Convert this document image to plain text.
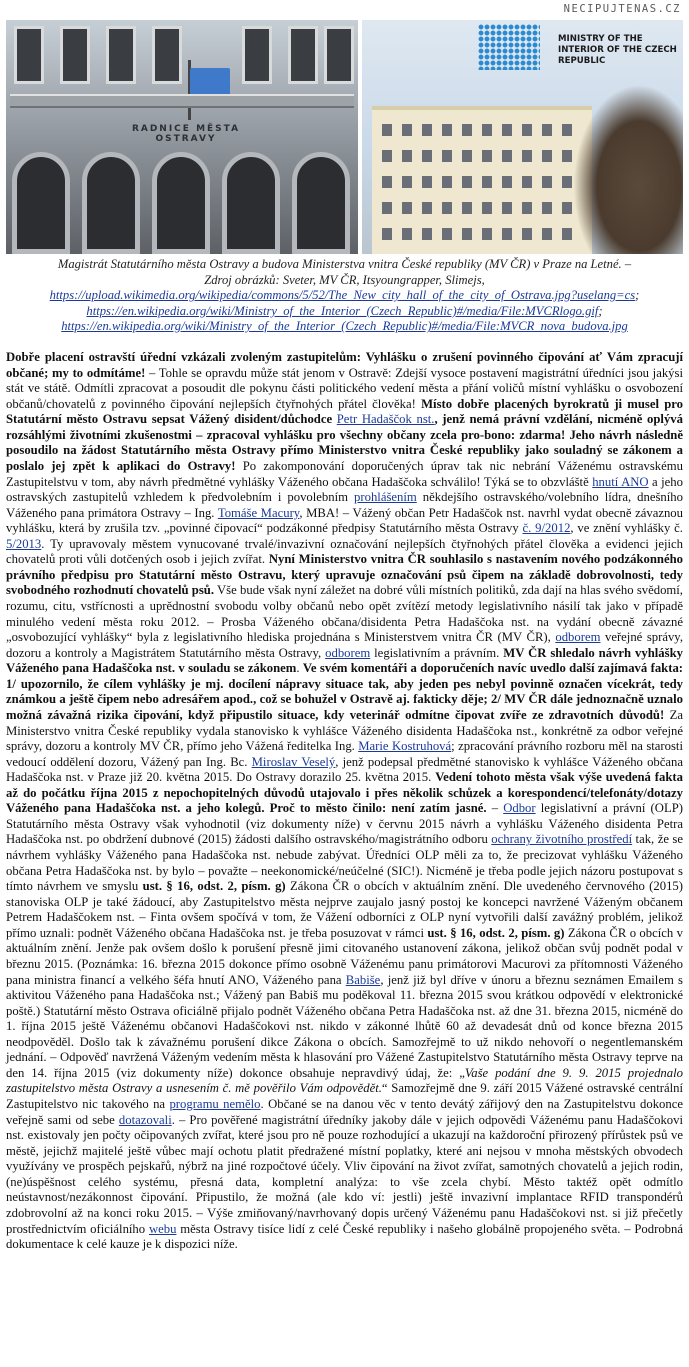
NECIPUJTENAS.CZ
RADNICE MĚSTA OSTRAVY
MINISTRY OF THE INTERIOR OF THE CZECH REPUBLIC
Magistrát Statutárního města Ostravy a budova Ministerstva vnitra České republiky (MV ČR) v Praze na Letné. –
Zdroj obrázků: Sveter, MV ČR, Itsyoungrapper, Slimejs,
https://upload.wikimedia.org/wikipedia/commons/5/52/The_New_city_hall_of_the_city_of_Ostrava.jpg?uselang=cs;
https://en.wikipedia.org/wiki/Ministry_of_the_Interior_(Czech_Republic)#/media/File:MVCRlogo.gif;
https://en.wikipedia.org/wiki/Ministry_of_the_Interior_(Czech_Republic)#/media/File:MVCR_nova_budova.jpg
Dobře placení ostravští úřední vzkázali zvoleným zastupitelům: Vyhlášku o zrušení povinného čipování ať Vám zpracují občané; my to odmítáme! – Tohle se opravdu může stát jenom v Ostravě: Zdejší vysoce postavení magistrátní úředníci jsou jakýsi stát ve státě. Odmítli zpracovat a posoudit dle pokynu části politického vedení města a přání voličů místní vyhlášku o osvobození občanů/chovatelů z povinného čipování nejlepších čtyřnohých přátel člověka! Místo dobře placených byrokratů ji musel pro Statutární město Ostravu sepsat Vážený disident/důchodce Petr Hadaščok nst., jenž nemá právní vzdělání, nicméně oplývá rozsáhlými životními zkušenostmi – zpracoval vyhlášku pro všechny občany zcela pro-bono: zdarma! Jeho návrh následně posoudilo na žádost Statutárního města Ostravy přímo Ministerstvo vnitra České republiky jako souladný se zákonem a poslalo jej zpět k aplikaci do Ostravy! Po zakomponování doporučených úprav tak nic nebrání Váženému ostravskému Zastupitelstvu v tom, aby návrh předmětné vyhlášky Váženého občana Hadaščoka schválilo! Týká se to obzvláště hnutí ANO a jeho ostravských zastupitelů vzhledem k předvolebním i povolebním prohlášením někdejšího ostravského/volebního lídra, dnešního Váženého pana primátora Ostravy – Ing. Tomáše Macury, MBA! – Vážený občan Petr Hadaščok nst. navrhl vydat obecně závaznou vyhlášku, která by zrušila tzv. „povinné čipovací“ podzákonné předpisy Statutárního města Ostravy č. 9/2012, ve znění vyhlášky č. 5/2013. Ty upravovaly městem vynucované trvalé/invazivní označování nejlepších čtyřnohých přátel člověka a evidenci jejich chovatelů proti vůli dotčených osob i jejich zvířat. Nyní Ministerstvo vnitra ČR souhlasilo s nastavením nového podzákonného právního předpisu pro Statutární město Ostravu, který upravuje označování psů čipem na základě dobrovolnosti, tedy svobodného rozhodnutí chovatelů psů. Vše bude však nyní záležet na dobré vůli místních politiků, zda dají na hlas svého svědomí, rozumu, citu, vstřícnosti a uprědnostní svobodu volby občanů nebo opět zvítězí metody legislativního násilí tak jako v případě minulého vedení města roku 2012. – Prosba Váženého občana/disidenta Petra Hadaščoka nst. na vydání obecně závazné „osvobozující vyhlášky“ byla z legislativního hlediska projednána s Ministerstvem vnitra ČR (MV ČR), odborem veřejné správy, dozoru a kontroly a Magistrátem Statutárního města Ostravy, odborem legislativním a právním. MV ČR shledalo návrh vyhlášky Váženého pana Hadaščoka nst. v souladu se zákonem. Ve svém komentáři a doporučeních navíc uvedlo další zajímavá fakta: 1/ upozornilo, že cílem vyhlášky je mj. docílení nápravy situace tak, aby jeden pes nebyl povinně označen vícekrát, tedy známkou a ještě čipem nebo adresářem apod., což se bohužel v Ostravě aj. fakticky děje; 2/ MV ČR dále jednoznačně uznalo možná závažná rizika čipování, když připustilo situace, kdy veterinář odmítne čipovat zvíře ze zdravotních důvodů! Za Ministerstvo vnitra České republiky vydala stanovisko k vyhlášce Váženého disidenta Hadaščoka nst., konkrétně za odbor veřejné správy, dozoru a kontroly MV ČR, přímo jeho Vážená ředitelka Ing. Marie Kostruhová; zpracování právního rozboru měl na starosti vedoucí oddělení dozoru, Vážený pan Ing. Bc. Miroslav Veselý, jenž podepsal předmětné stanovisko k vyhlášce Váženého občana Hadaščoka nst. v Praze již 20. května 2015. Do Ostravy dorazilo 25. května 2015. Vedení tohoto města však výše uvedená fakta až do počátku října 2015 z nepochopitelných důvodů utajovalo i přes několik schůzek a korespondencí/telefonáty/dotazy Váženého pana Hadaščoka nst. a jeho kolegů. Proč to město činilo: není zatím jasné. – Odbor legislativní a právní (OLP) Statutárního města Ostravy však vyhodnotil (viz dokumenty níže) v červnu 2015 návrh a vyhlášku Váženého disidenta Petra Hadaščoka nst. po obdržení dubnové (2015) žádosti dalšího ostravského/magistrátního odboru ochrany životního prostředí tak, že se návrhem vyhlášky Váženého pana Hadaščoka nst. nebude zabývat. Úředníci OLP měli za to, že precizovat vyhlášku Váženého občana Petra Hadaščoka nst. by bylo – považte – neekonomické/neúčelné (SIC!). Nicméně je třeba podle jejich názoru postupovat s tímto návrhem ve smyslu ust. § 16, odst. 2, písm. g) Zákona ČR o obcích v aktuálním znění. Dle uvedeného červnového (2015) stanoviska OLP je také žádoucí, aby Zastupitelstvo města nejprve zaujalo jasný postoj ke koncepci navržené Váženým občanem Petrem Hadaščokem nst. – Finta ovšem spočívá v tom, že Vážení odborníci z OLP nyní vytvořili další zavážný problém, jelikož přímo uznali: podnět Váženého občana Hadaščoka nst. je třeba posuzovat v rámci ust. § 16, odst. 2, písm. g) Zákona ČR o obcích v aktuálním znění. Jenže pak ovšem došlo k porušení přesně jimi citovaného ustanovení zákona, jelikož občan svůj podnět podal v březnu 2015. (Poznámka: 16. března 2015 dokonce přímo osobně Váženému panu primátorovi Macurovi za přítomnosti Váženého pana ministra financí a velkého šéfa hnutí ANO, Váženého pana Babiše, jenž již byl dříve v únoru a březnu seznámen Emailem s aktivitou Váženého pana Hadaščoka nst.; Vážený pan Babiš mu poděkoval 11. března 2015 svou krátkou odpovědí v elektronické poště.) Statutární město Ostrava oficiálně přijalo podnět Váženého občana Petra Hadaščoka nst. až dne 31. března 2015, nicméně do 1. října 2015 ještě Váženému občanovi Hadaščokovi nst. nikdo v zákonné lhůtě 60 až devadesát dnů od konce března 2015 neodpověděl. Došlo tak k závažnému porušení dikce Zákona o obcích. Samozřejmě to už nikdo nehovoří o negentlemanském jednání. – Odpověď navržená Váženým vedením města k hlasování pro Vážené Zastupitelstvo Statutárního města Ostravy teprve na den 14. října 2015 (viz dokumenty níže) dokonce obsahuje nepravdivý údaj, že: „Vaše podání dne 9. 9. 2015 projednalo zastupitelstvo města Ostravy a usnesením č. mě pověřilo Vám odpovědět.“ Samozřejmě dne 9. září 2015 Vážené ostravské centrální Zastupitelstvo nic takového na programu nemělo. Občané se na danou věc v tento devátý zářijový den na Zastupitelstvu dokonce veřejně sami od sebe dotazovali. – Pro pověřené magistrátní úředníky jakoby dále v jejich odpovědi Váženému panu Hadaščokovi nst. existovaly jen počty očipovaných zvířat, které jsou pro ně pouze rozhodující a ukazují na každoroční přirozený přírůstek psů ve městě, jejichž majitelé ještě vůbec mají ochotu platit předražené místní poplatky, které ani nejsou v mnoha městských obvodech využívány ve prospěch pejskařů, nýbrž na jiné rozpočtové účely. Vliv čipování na život zvířat, samotných chovatelů a jejich rodin, (ne)úspěšnost celého systému, přesná data, kompletní analýza: to vše zcela chybí. Město taktéž opět odmítlo neústavnost/nezákonnost čipování. Připustilo, že možná (ale kdo ví: jestli) ještě invazivní implantace RFID transpondérů zdobrovolní až na konci roku 2015. – Výše zmiňovaný/navrhovaný dopis určený Váženému panu Hadaščokovi nst. si již přečetly prostřednictvím oficiálního webu města Ostravy tisíce lidí z celé České republiky i našeho globálně propojeného světa. – Podrobná dokumentace k celé kauze je k dispozici níže.
